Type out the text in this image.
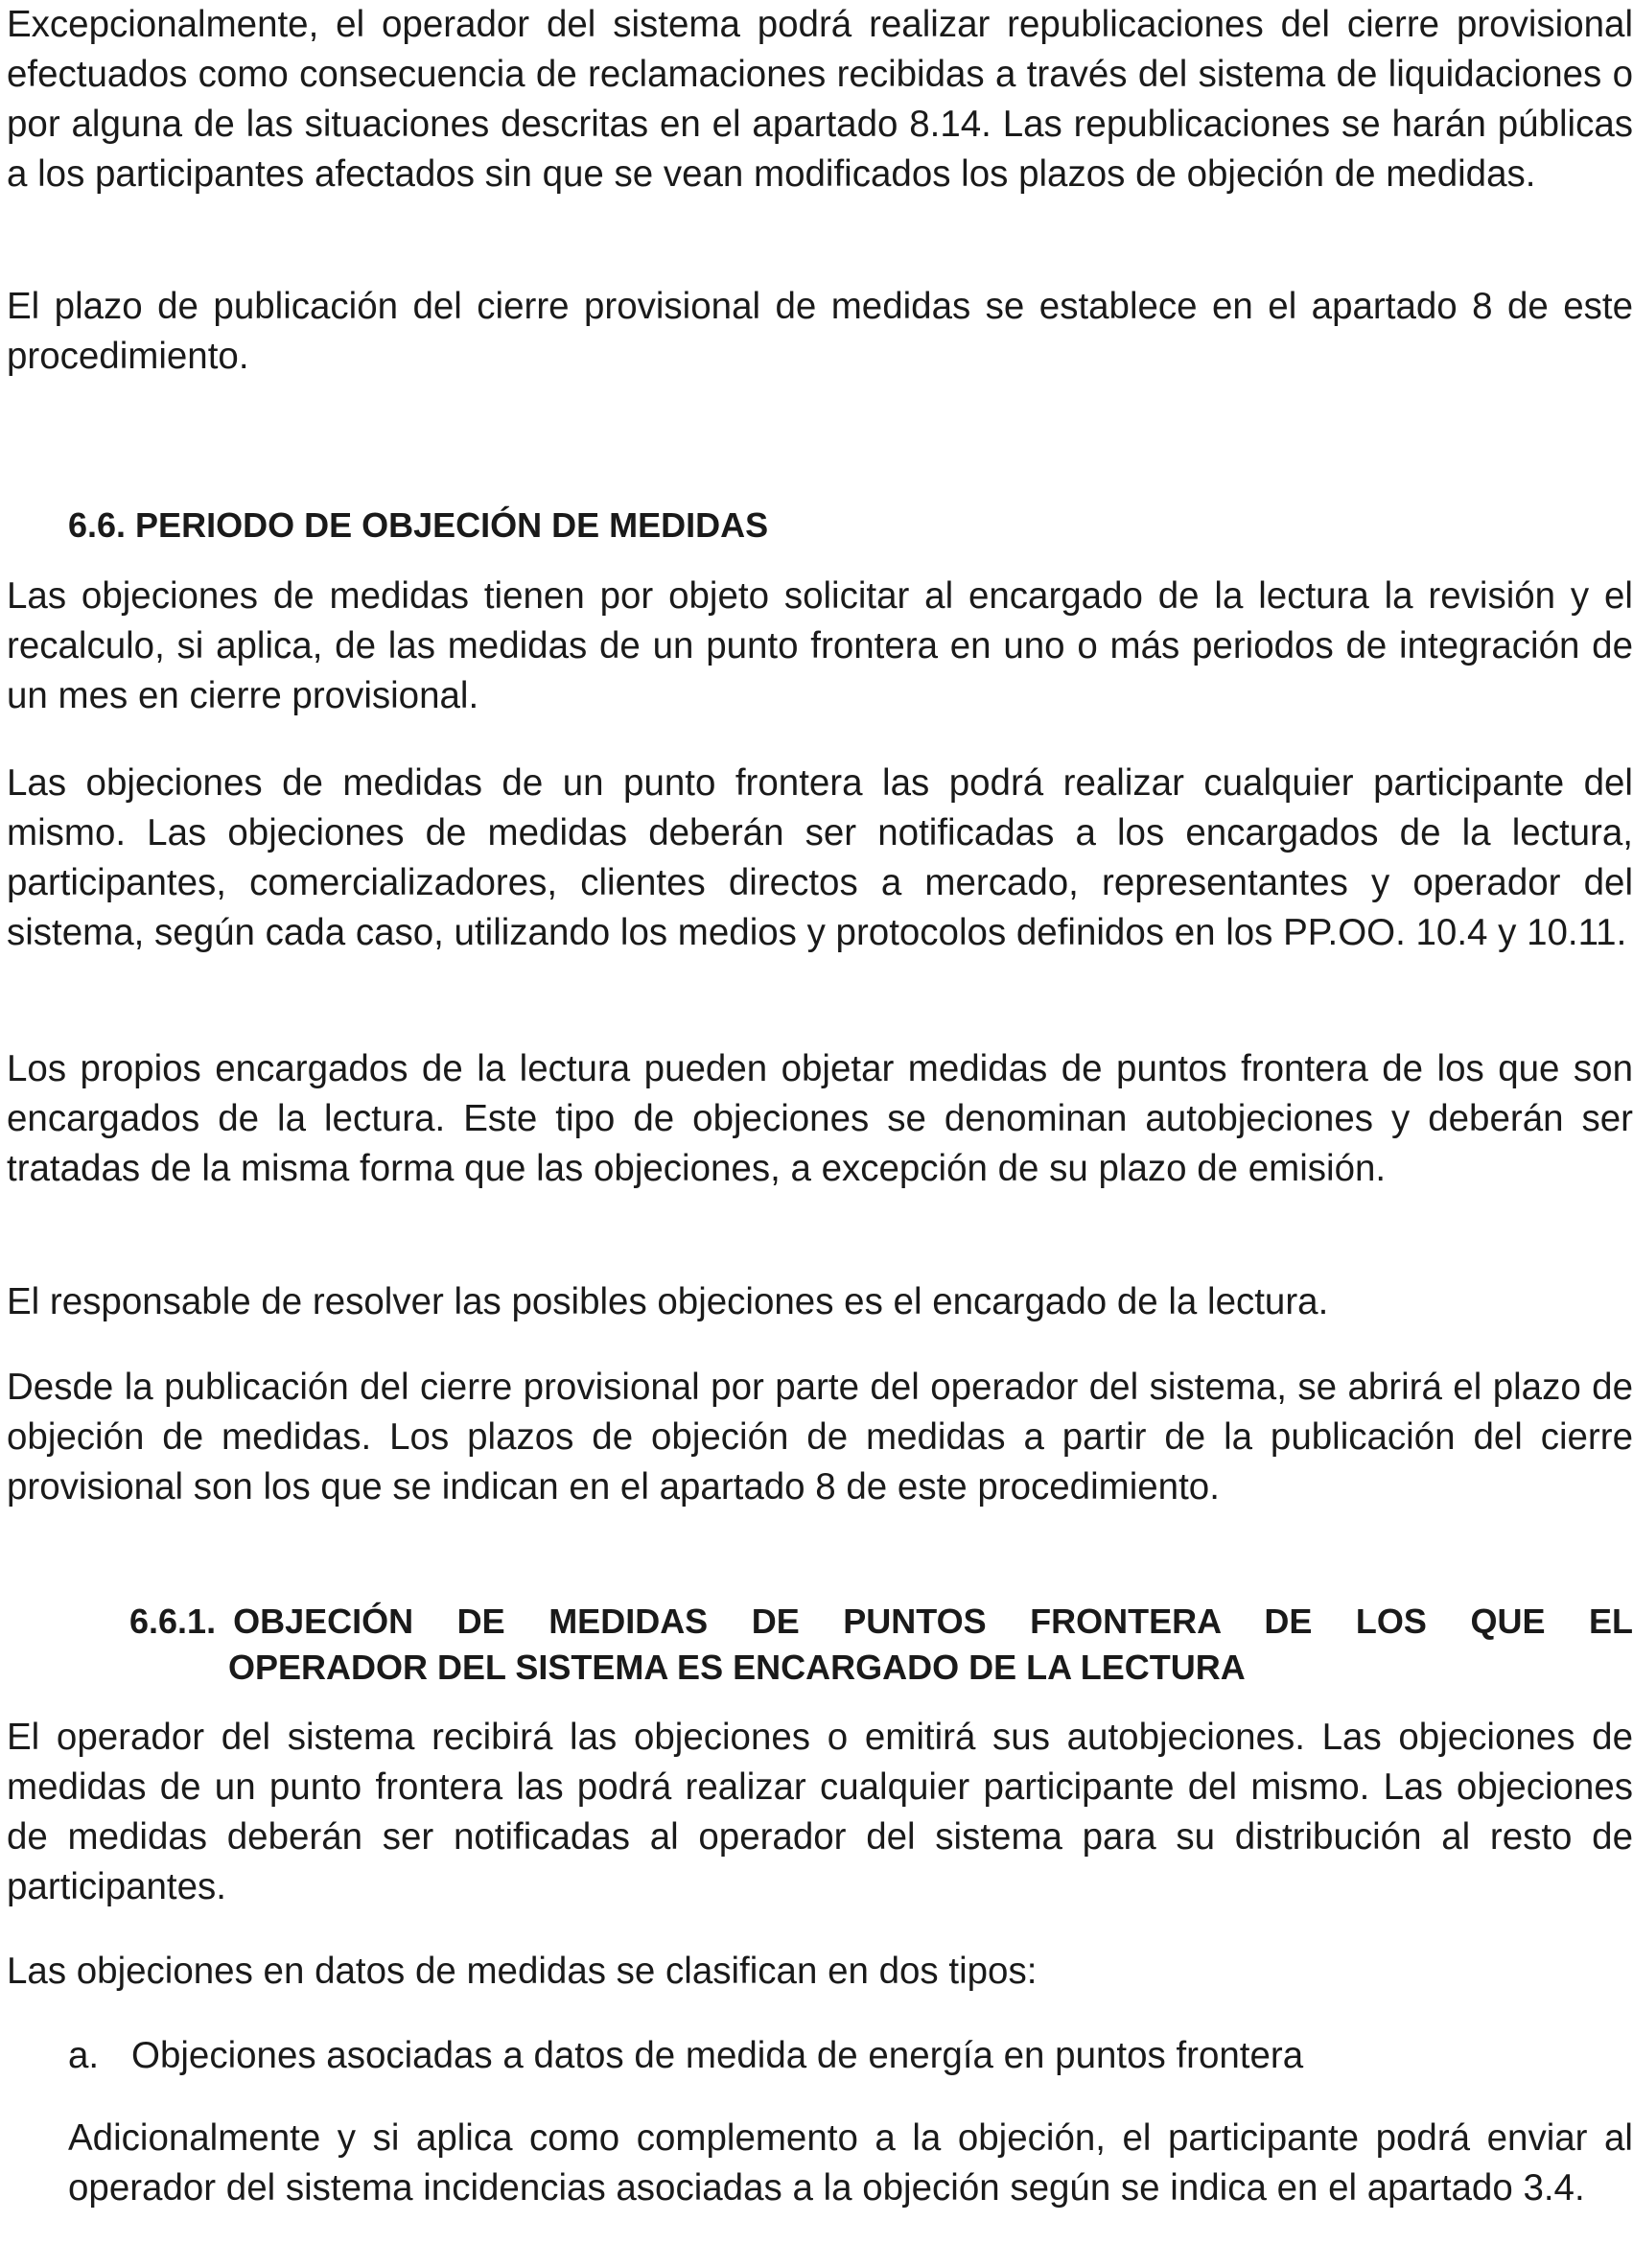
Excepcionalmente, el operador del sistema podrá realizar republicaciones del cierre provisional efectuados como consecuencia de reclamaciones recibidas a través del sistema de liquidaciones o por alguna de las situaciones descritas en el apartado 8.14. Las republicaciones se harán públicas a los participantes afectados sin que se vean modificados los plazos de objeción de medidas.

El plazo de publicación del cierre provisional de medidas se establece en el apartado 8 de este procedimiento.

6.6. PERIODO DE OBJECIÓN DE MEDIDAS

Las objeciones de medidas tienen por objeto solicitar al encargado de la lectura la revisión y el recalculo, si aplica, de las medidas de un punto frontera en uno o más periodos de integración de un mes en cierre provisional.

Las objeciones de medidas de un punto frontera las podrá realizar cualquier participante del mismo. Las objeciones de medidas deberán ser notificadas a los encargados de la lectura, participantes, comercializadores, clientes directos a mercado, representantes y operador del sistema, según cada caso, utilizando los medios y protocolos definidos en los PP.OO. 10.4 y 10.11.

Los propios encargados de la lectura pueden objetar medidas de puntos frontera de los que son encargados de la lectura. Este tipo de objeciones se denominan autobjeciones y deberán ser tratadas de la misma forma que las objeciones, a excepción de su plazo de emisión.

El responsable de resolver las posibles objeciones es el encargado de la lectura.

Desde la publicación del cierre provisional por parte del operador del sistema, se abrirá el plazo de objeción de medidas. Los plazos de objeción de medidas a partir de la publicación del cierre provisional son los que se indican en el apartado 8 de este procedimiento.

6.6.1. OBJECIÓN DE MEDIDAS DE PUNTOS FRONTERA DE LOS QUE EL
OPERADOR DEL SISTEMA ES ENCARGADO DE LA LECTURA

El operador del sistema recibirá las objeciones o emitirá sus autobjeciones. Las objeciones de medidas de un punto frontera las podrá realizar cualquier participante del mismo. Las objeciones de medidas deberán ser notificadas al operador del sistema para su distribución al resto de participantes.

Las objeciones en datos de medidas se clasifican en dos tipos:

a. Objeciones asociadas a datos de medida de energía en puntos frontera

Adicionalmente y si aplica como complemento a la objeción, el participante podrá enviar al operador del sistema incidencias asociadas a la objeción según se indica en el apartado 3.4.
